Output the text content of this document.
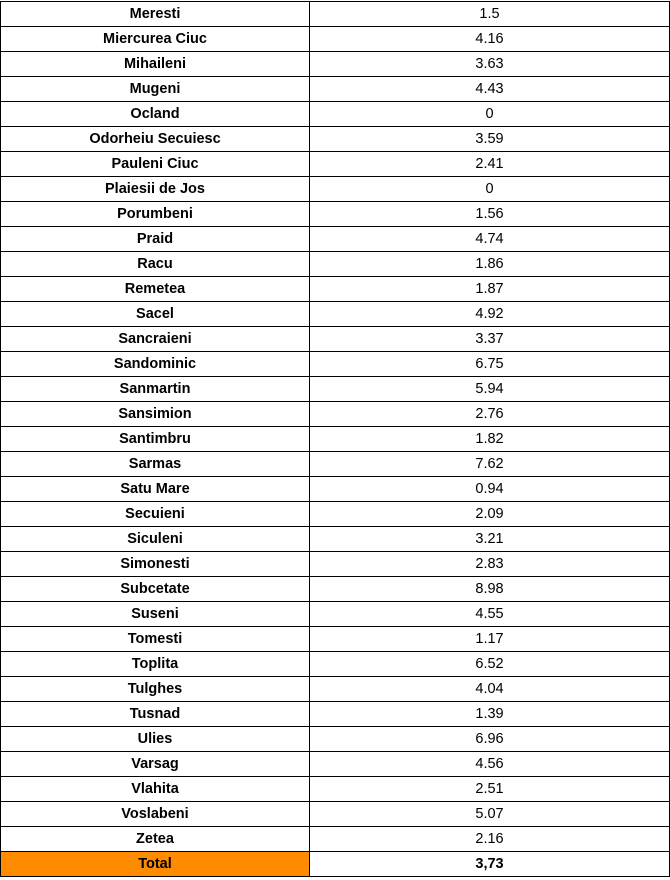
Meresti	1.5
Miercurea Ciuc	4.16
Mihaileni	3.63
Mugeni	4.43
Ocland	0
Odorheiu Secuiesc	3.59
Pauleni Ciuc	2.41
Plaiesii de Jos	0
Porumbeni	1.56
Praid	4.74
Racu	1.86
Remetea	1.87
Sacel	4.92
Sancraieni	3.37
Sandominic	6.75
Sanmartin	5.94
Sansimion	2.76
Santimbru	1.82
Sarmas	7.62
Satu Mare	0.94
Secuieni	2.09
Siculeni	3.21
Simonesti	2.83
Subcetate	8.98
Suseni	4.55
Tomesti	1.17
Toplita	6.52
Tulghes	4.04
Tusnad	1.39
Ulies	6.96
Varsag	4.56
Vlahita	2.51
Voslabeni	5.07
Zetea	2.16
Total	3,73
